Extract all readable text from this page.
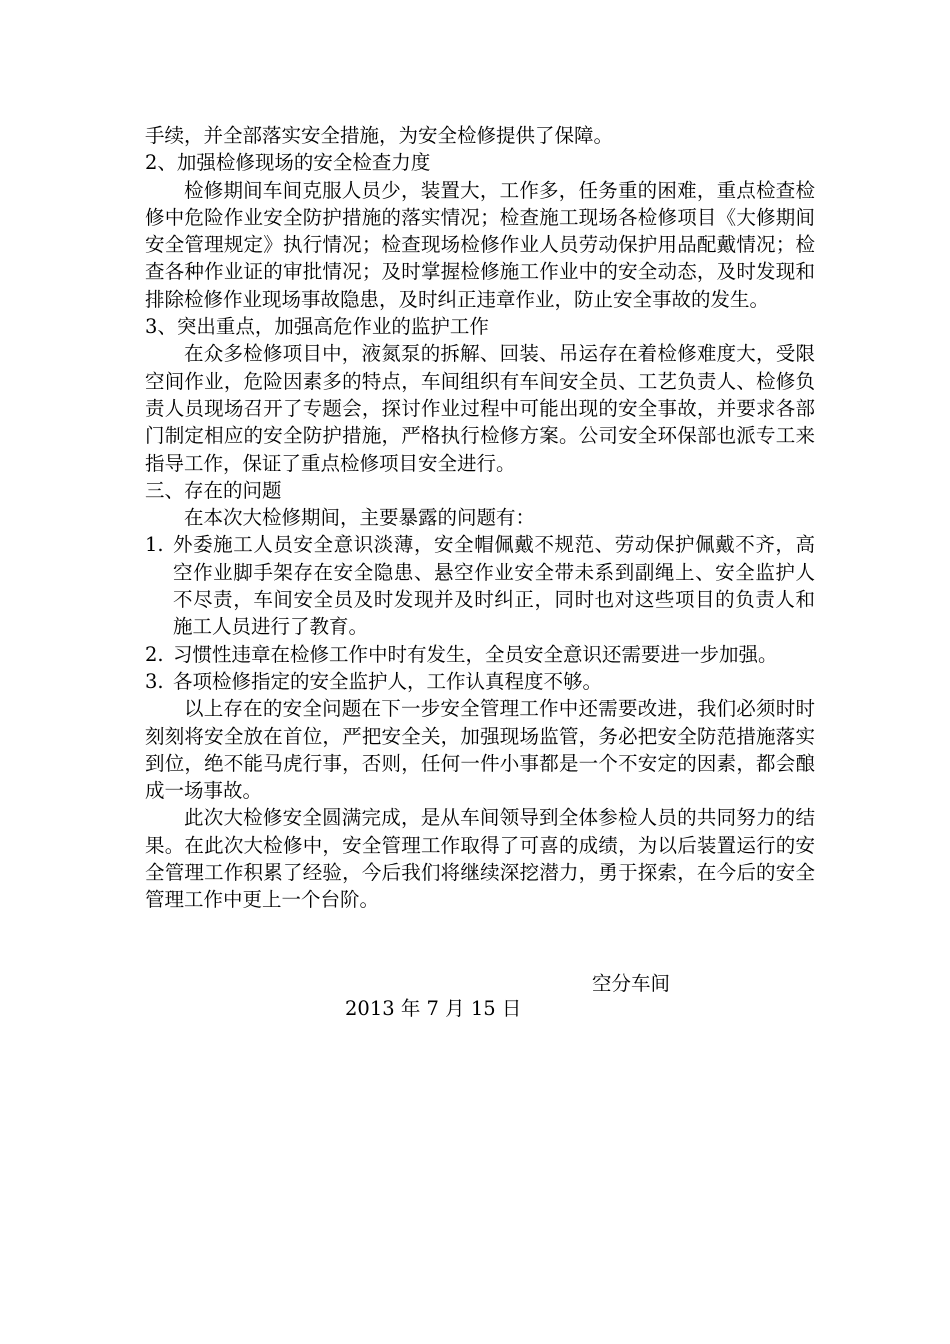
手续，并全部落实安全措施，为安全检修提供了保障。

2、加强检修现场的安全检查力度

检修期间车间克服人员少，装置大，工作多，任务重的困难，重点检查检修中危险作业安全防护措施的落实情况；检查施工现场各检修项目《大修期间安全管理规定》执行情况；检查现场检修作业人员劳动保护用品配戴情况；检查各种作业证的审批情况；及时掌握检修施工作业中的安全动态，及时发现和排除检修作业现场事故隐患，及时纠正违章作业，防止安全事故的发生。

3、突出重点，加强高危作业的监护工作

在众多检修项目中，液氮泵的拆解、回装、吊运存在着检修难度大，受限空间作业，危险因素多的特点，车间组织有车间安全员、工艺负责人、检修负责人员现场召开了专题会，探讨作业过程中可能出现的安全事故，并要求各部门制定相应的安全防护措施，严格执行检修方案。公司安全环保部也派专工来指导工作，保证了重点检修项目安全进行。

三、存在的问题

在本次大检修期间，主要暴露的问题有：

1. 外委施工人员安全意识淡薄，安全帽佩戴不规范、劳动保护佩戴不齐，高空作业脚手架存在安全隐患、悬空作业安全带未系到副绳上、安全监护人不尽责，车间安全员及时发现并及时纠正，同时也对这些项目的负责人和施工人员进行了教育。
2. 习惯性违章在检修工作中时有发生，全员安全意识还需要进一步加强。
3. 各项检修指定的安全监护人，工作认真程度不够。

以上存在的安全问题在下一步安全管理工作中还需要改进，我们必须时时刻刻将安全放在首位，严把安全关，加强现场监管，务必把安全防范措施落实到位，绝不能马虎行事，否则，任何一件小事都是一个不安定的因素，都会酿成一场事故。

此次大检修安全圆满完成，是从车间领导到全体参检人员的共同努力的结果。在此次大检修中，安全管理工作取得了可喜的成绩，为以后装置运行的安全管理工作积累了经验，今后我们将继续深挖潜力，勇于探索，在今后的安全管理工作中更上一个台阶。

空分车间
2013 年 7 月 15 日
